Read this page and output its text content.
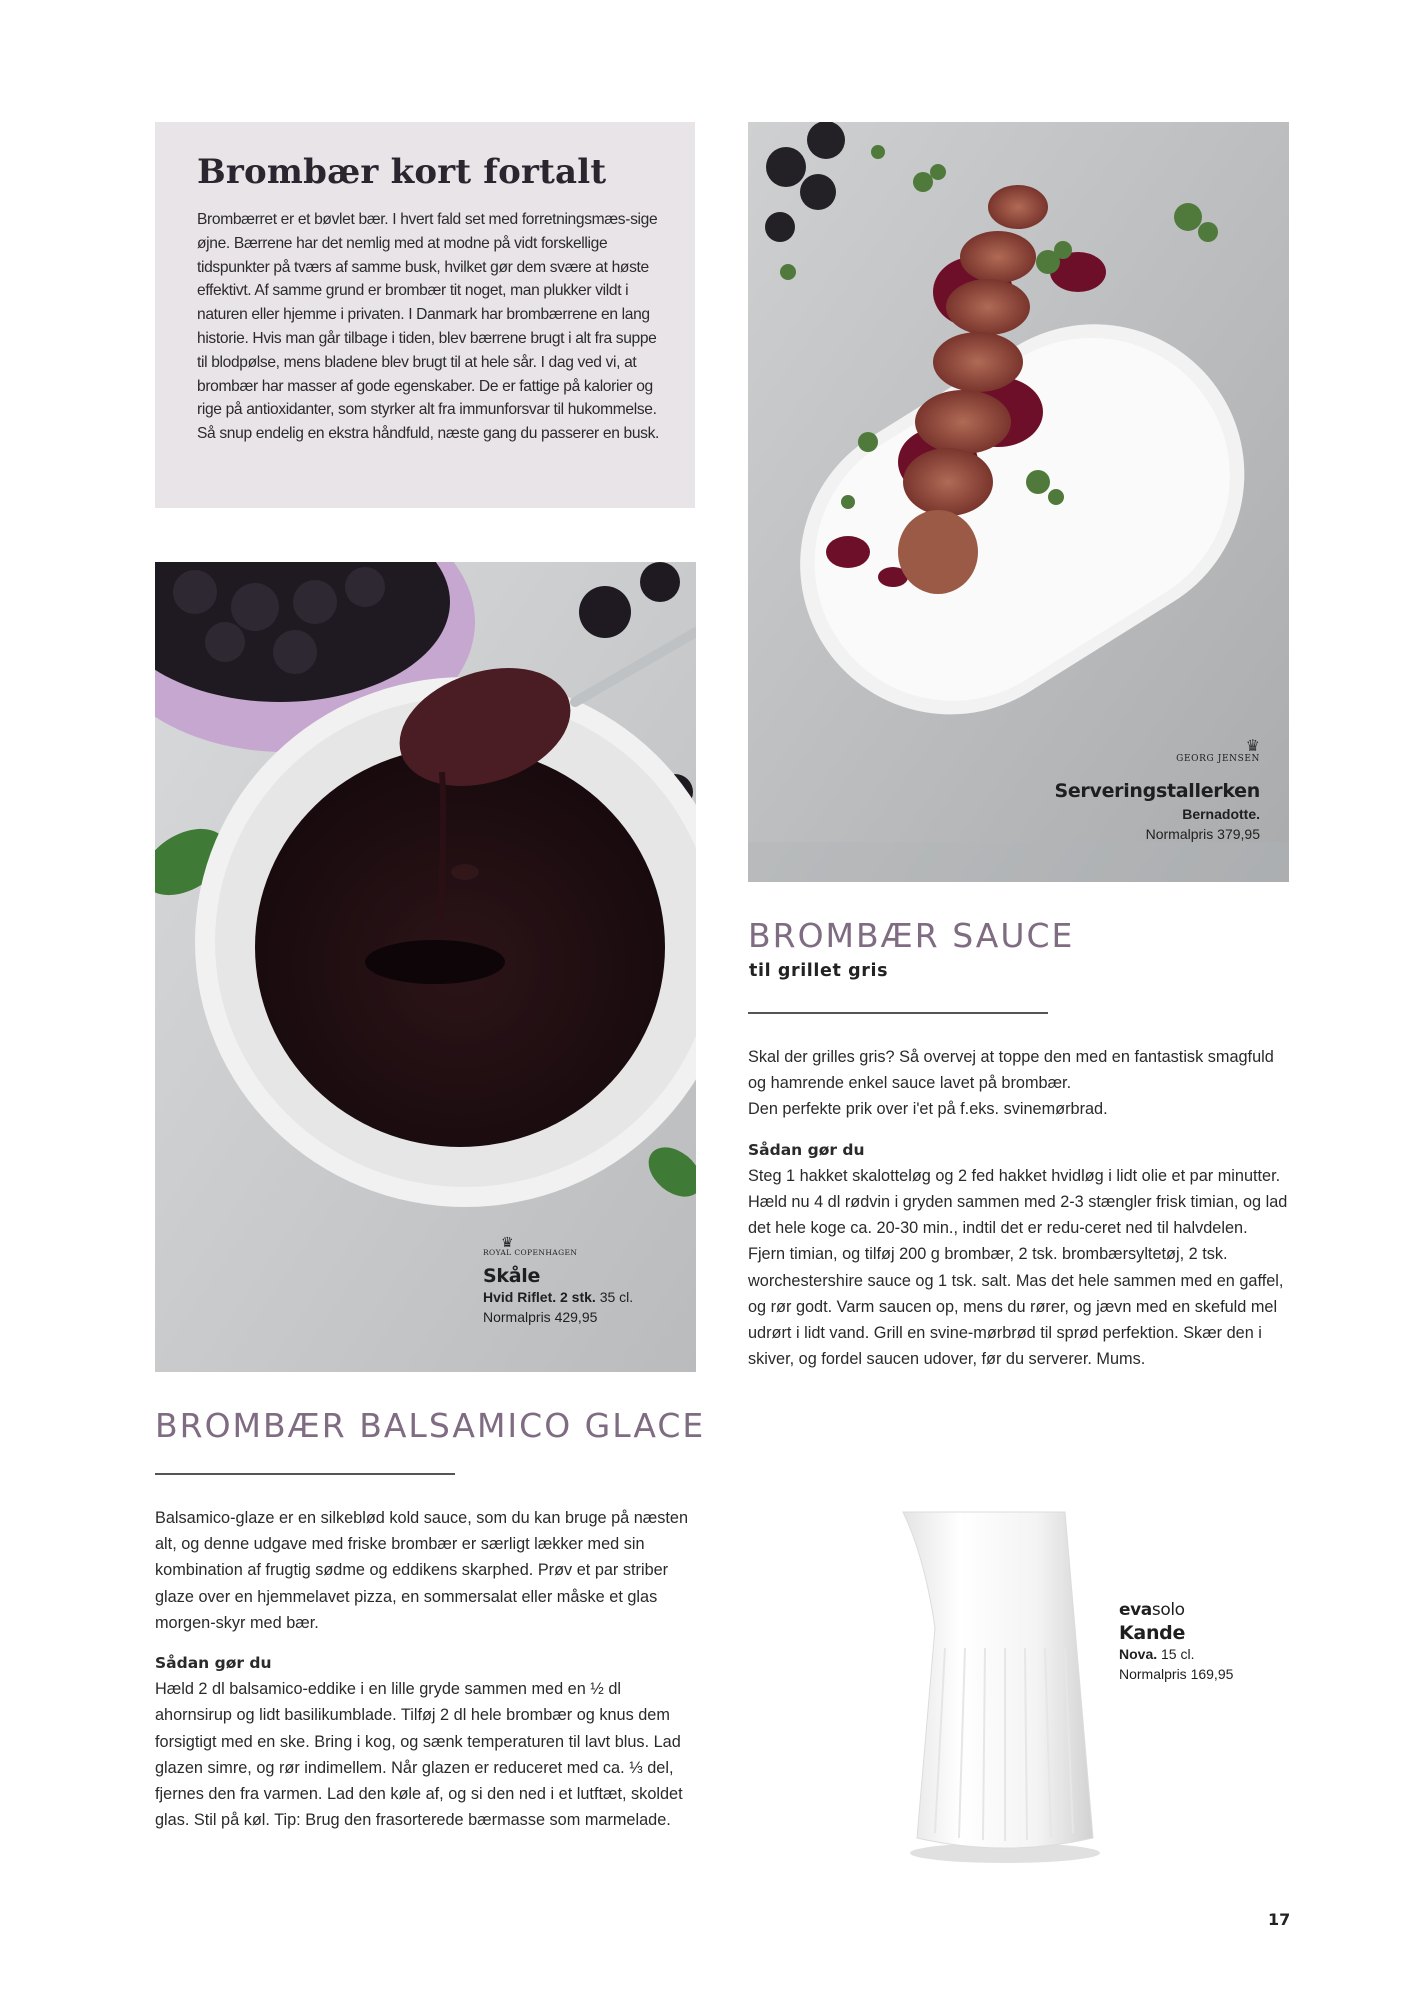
Brombær kort fortalt

Brombærret er et bøvlet bær. I hvert fald set med forretningsmæs-sige øjne. Bærrene har det nemlig med at modne på vidt forskellige tidspunkter på tværs af samme busk, hvilket gør dem svære at høste effektivt. Af samme grund er brombær tit noget, man plukker vildt i naturen eller hjemme i privaten. I Danmark har brombærrene en lang historie. Hvis man går tilbage i tiden, blev bærrene brugt i alt fra suppe til blodpølse, mens bladene blev brugt til at hele sår. I dag ved vi, at brombær har masser af gode egenskaber. De er fattige på kalorier og rige på antioxidanter, som styrker alt fra immunforsvar til hukommelse. Så snup endelig en ekstra håndfuld, næste gang du passerer en busk.

♛
GEORG JENSEN
Serveringstallerken
Bernadotte.
Normalpris 379,95
♛
ROYAL COPENHAGEN
Skåle
Hvid Riflet. 2 stk. 35 cl.
Normalpris 429,95
BROMBÆR SAUCE
til grillet gris

Skal der grilles gris? Så overvej at toppe den med en fantastisk smagfuld og hamrende enkel sauce lavet på brombær.

Den perfekte prik over i'et på f.eks. svinemørbrad.

Sådan gør du

Steg 1 hakket skalotteløg og 2 fed hakket hvidløg i lidt olie et par minutter. Hæld nu 4 dl rødvin i gryden sammen med 2-3 stængler frisk timian, og lad det hele koge ca. 20-30 min., indtil det er redu-ceret ned til halvdelen. Fjern timian, og tilføj 200 g brombær, 2 tsk. brombærsyltetøj, 2 tsk. worchestershire sauce og 1 tsk. salt. Mas det hele sammen med en gaffel, og rør godt. Varm saucen op, mens du rører, og jævn med en skefuld mel udrørt i lidt vand. Grill en svine-mørbrød til sprød perfektion. Skær den i skiver, og fordel saucen udover, før du serverer. Mums.

BROMBÆR BALSAMICO GLACE

Balsamico-glaze er en silkeblød kold sauce, som du kan bruge på næsten alt, og denne udgave med friske brombær er særligt lækker med sin kombination af frugtig sødme og eddikens skarphed. Prøv et par striber glaze over en hjemmelavet pizza, en sommersalat eller måske et glas morgen-skyr med bær.

Sådan gør du

Hæld 2 dl balsamico-eddike i en lille gryde sammen med en ½ dl ahornsirup og lidt basilikumblade. Tilføj 2 dl hele brombær og knus dem forsigtigt med en ske. Bring i kog, og sænk temperaturen til lavt blus. Lad glazen simre, og rør indimellem. Når glazen er reduceret med ca. ⅓ del, fjernes den fra varmen. Lad den køle af, og si den ned i et lutftæt, skoldet glas. Stil på køl. Tip: Brug den frasorterede bærmasse som marmelade.

evasolo
Kande
Nova. 15 cl.
Normalpris 169,95
17
